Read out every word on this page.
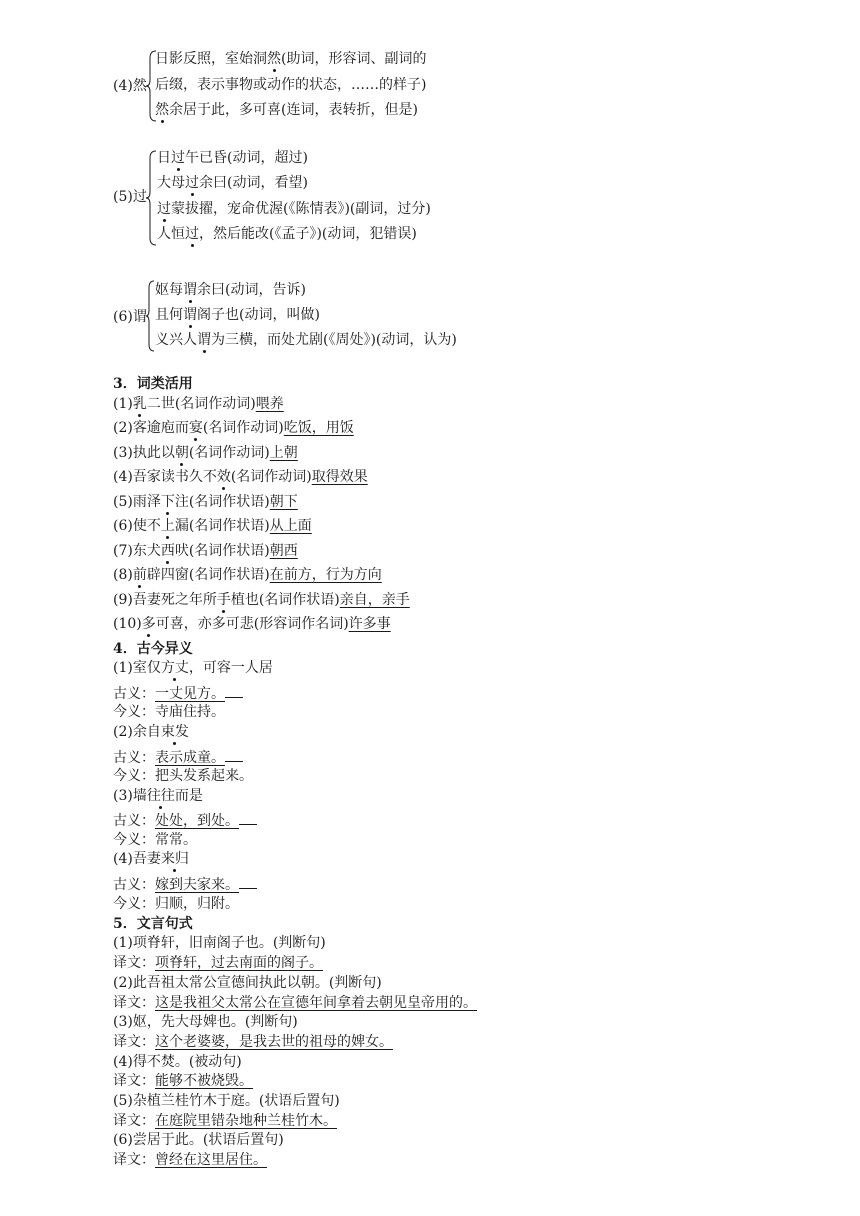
(4)然
日影反照，室始洞然(助词，形容词、副词的
后缀，表示事物或动作的状态，……的样子)
然余居于此，多可喜(连词，表转折，但是)
(5)过
日过午已昏(动词，超过)
大母过余曰(动词，看望)
过蒙拔擢，宠命优渥(《陈情表》)(副词，过分)
人恒过，然后能改(《孟子》)(动词，犯错误)
(6)谓
妪每谓余曰(动词，告诉)
且何谓阁子也(动词，叫做)
义兴人谓为三横，而处尤剧(《周处》)(动词，认为)
3．词类活用
(1)乳二世(名词作动词)喂养
(2)客逾庖而宴(名词作动词)吃饭，用饭
(3)执此以朝(名词作动词)上朝
(4)吾家读书久不效(名词作动词)取得效果
(5)雨泽下注(名词作状语)朝下
(6)使不上漏(名词作状语)从上面
(7)东犬西吠(名词作状语)朝西
(8)前辟四窗(名词作状语)在前方，行为方向
(9)吾妻死之年所手植也(名词作状语)亲自，亲手
(10)多可喜，亦多可悲(形容词作名词)许多事
4．古今异义
(1)室仅方丈，可容一人居
古义：一丈见方。
今义：寺庙住持。
(2)余自束发
古义：表示成童。
今义：把头发系起来。
(3)墙往往而是
古义：处处，到处。
今义：常常。
(4)吾妻来归
古义：嫁到夫家来。
今义：归顺，归附。
5．文言句式
(1)项脊轩，旧南阁子也。(判断句)
译文：项脊轩，过去南面的阁子。
(2)此吾祖太常公宣德间执此以朝。(判断句)
译文：这是我祖父太常公在宣德年间拿着去朝见皇帝用的。
(3)妪，先大母婢也。(判断句)
译文：这个老婆婆，是我去世的祖母的婢女。
(4)得不焚。(被动句)
译文：能够不被烧毁。
(5)杂植兰桂竹木于庭。(状语后置句)
译文：在庭院里错杂地种兰桂竹木。
(6)尝居于此。(状语后置句)
译文：曾经在这里居住。
